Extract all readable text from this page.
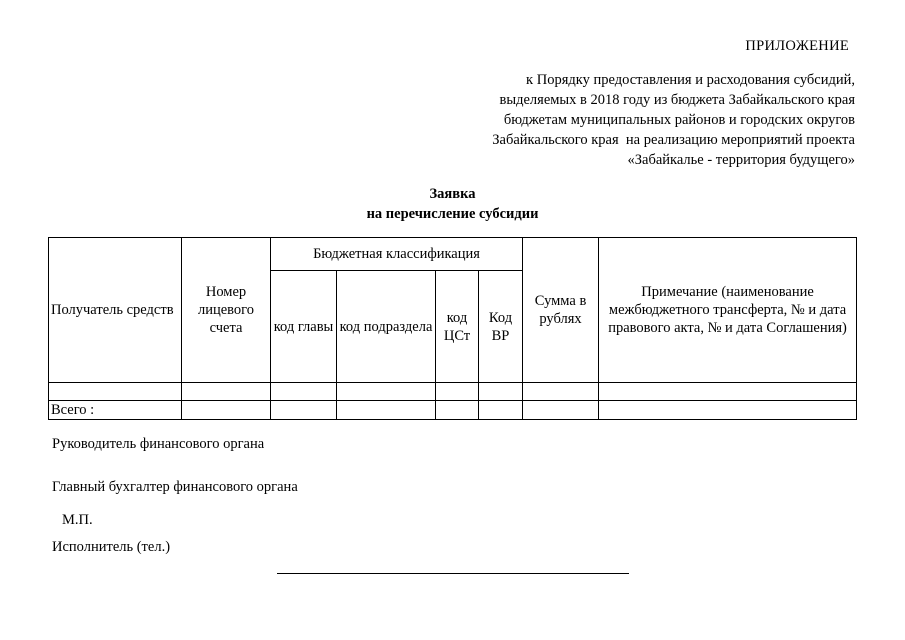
ПРИЛОЖЕНИЕ
к Порядку предоставления и расходования субсидий,
выделяемых в 2018 году из бюджета Забайкальского края
бюджетам муниципальных районов и городских округов
Забайкальского края  на реализацию мероприятий проекта
«Забайкалье - территория будущего»
Заявка
на перечисление субсидии
Получатель средств	Номер лицевого счета	Бюджетная классификация				Сумма в рублях	Примечание (наименование межбюджетного трансферта, № и дата правового акта, № и дата Соглашения)
		код главы	код подраздела	код ЦСт	Код ВР		

Всего :							
Руководитель финансового органа
Главный бухгалтер финансового органа
М.П.
Исполнитель (тел.)
